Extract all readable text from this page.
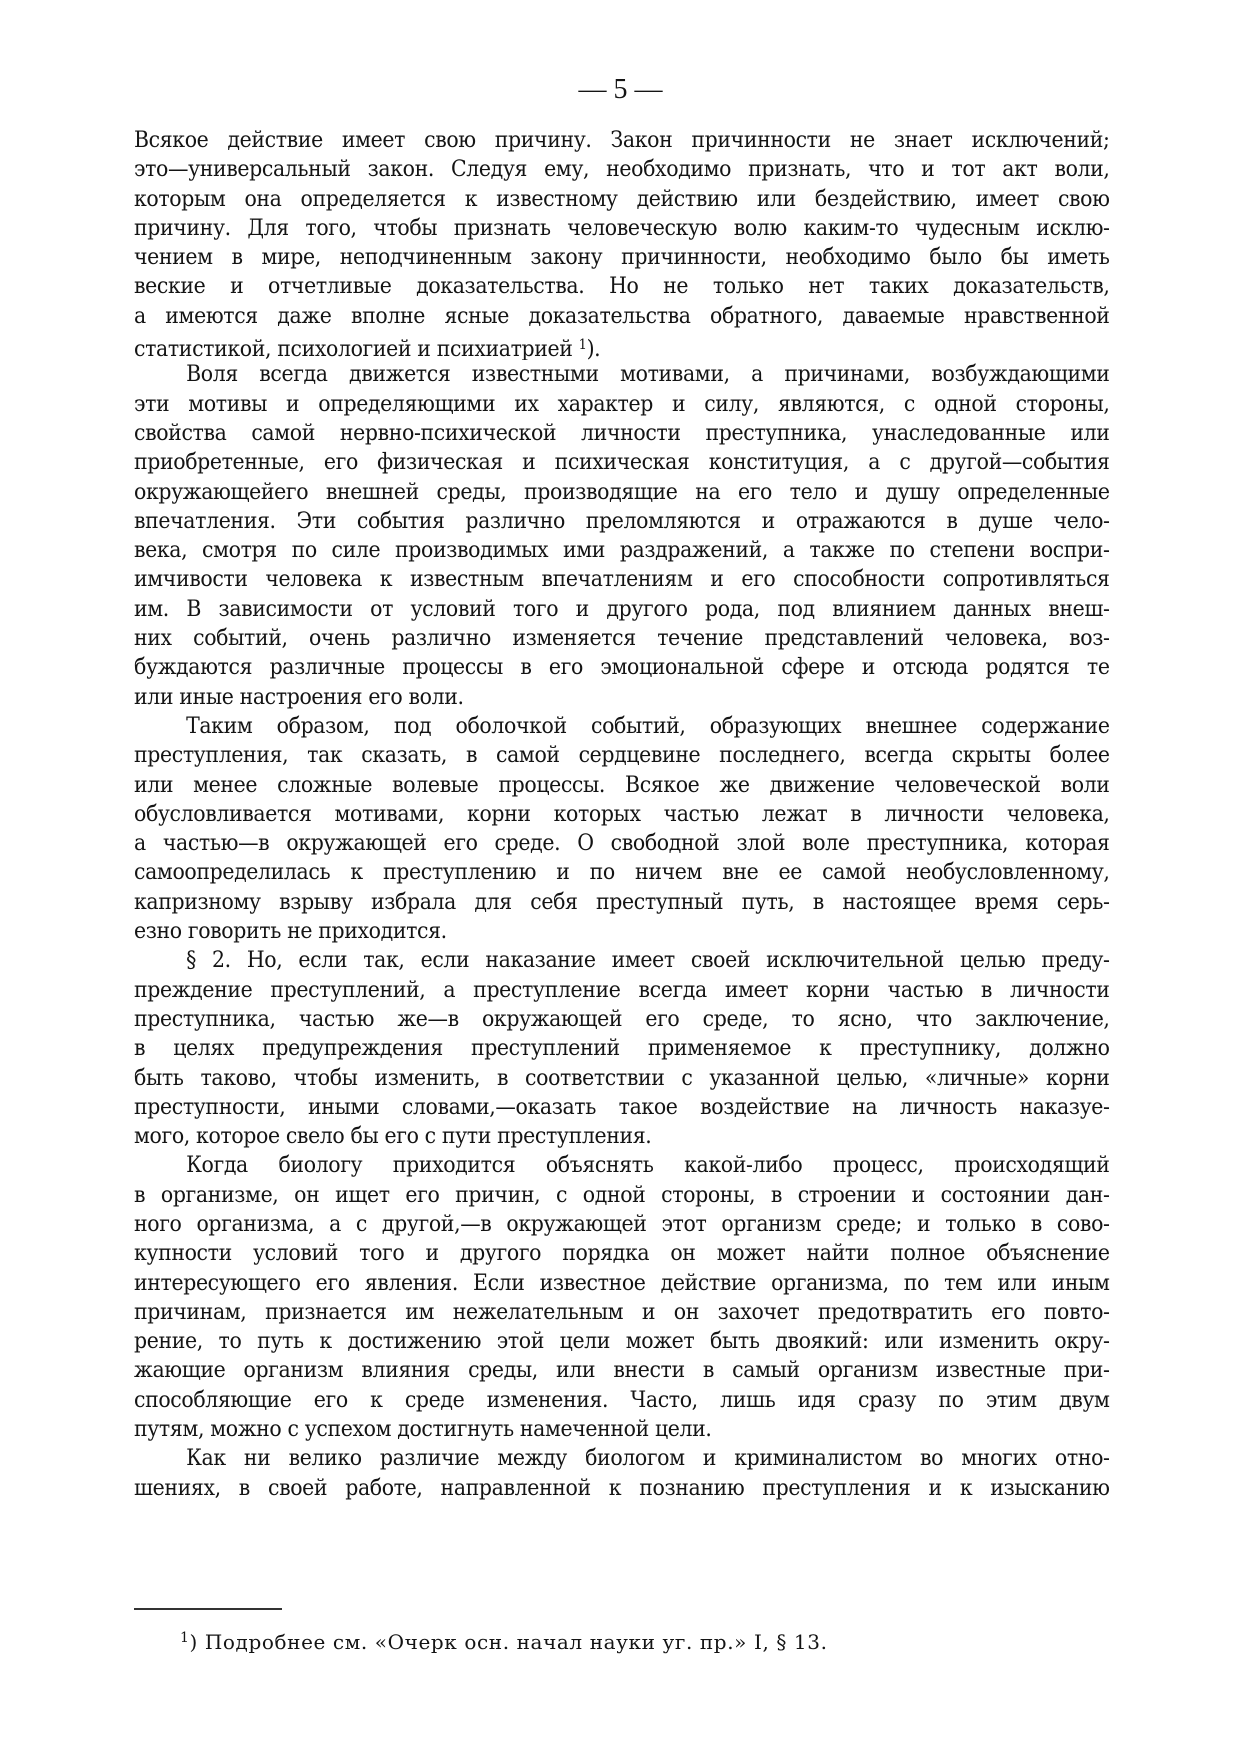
— 5 —
Всякое действие имеет свою причину. Закон причинности не знает исключений;
это—универсальный закон. Следуя ему, необходимо признать, что и тот акт воли,
которым она определяется к известному действию или бездействию, имеет свою
причину. Для того, чтобы признать человеческую волю каким-то чудесным исклю-
чением в мире, неподчиненным закону причинности, необходимо было бы иметь
веские и отчетливые доказательства. Но не только нет таких доказательств,
а имеются даже вполне ясные доказательства обратного, даваемые нравственной
статистикой, психологией и психиатрией $^1$).
Воля всегда движется известными мотивами, а причинами, возбуждающими
эти мотивы и определяющими их характер и силу, являются, с одной стороны,
свойства самой нервно-психической личности преступника, унаследованные или
приобретенные, его физическая и психическая конституция, а с другой—события
окружающейего внешней среды, производящие на его тело и душу определенные
впечатления. Эти события различно преломляются и отражаются в душе чело-
века, смотря по силе производимых ими раздражений, а также по степени воспри-
имчивости человека к известным впечатлениям и его способности сопротивляться
им. В зависимости от условий того и другого рода, под влиянием данных внеш-
них событий, очень различно изменяется течение представлений человека, воз-
буждаются различные процессы в его эмоциональной сфере и отсюда родятся те
или иные настроения его воли.
Таким образом, под оболочкой событий, образующих внешнее содержание
преступления, так сказать, в самой сердцевине последнего, всегда скрыты более
или менее сложные волевые процессы. Всякое же движение человеческой воли
обусловливается мотивами, корни которых частью лежат в личности человека,
а частью—в окружающей его среде. О свободной злой воле преступника, которая
самоопределилась к преступлению и по ничем вне ее самой необусловленному,
капризному взрыву избрала для себя преступный путь, в настоящее время серь-
езно говорить не приходится.
§ 2. Но, если так, если наказание имеет своей исключительной целью преду-
преждение преступлений, а преступление всегда имеет корни частью в личности
преступника, частью же—в окружающей его среде, то ясно, что заключение,
в целях предупреждения преступлений применяемое к преступнику, должно
быть таково, чтобы изменить, в соответствии с указанной целью, «личные» корни
преступности, иными словами,—оказать такое воздействие на личность наказуе-
мого, которое свело бы его с пути преступления.
Когда биологу приходится объяснять какой-либо процесс, происходящий
в организме, он ищет его причин, с одной стороны, в строении и состоянии дан-
ного организма, а с другой,—в окружающей этот организм среде; и только в сово-
купности условий того и другого порядка он может найти полное объяснение
интересующего его явления. Если известное действие организма, по тем или иным
причинам, признается им нежелательным и он захочет предотвратить его повто-
рение, то путь к достижению этой цели может быть двоякий: или изменить окру-
жающие организм влияния среды, или внести в самый организм известные при-
способляющие его к среде изменения. Часто, лишь идя сразу по этим двум
путям, можно с успехом достигнуть намеченной цели.
Как ни велико различие между биологом и криминалистом во многих отно-
шениях, в своей работе, направленной к познанию преступления и к изысканию
$^1$) Подробнее см. «Очерк осн. начал науки уг. пр.» I, § 13.
